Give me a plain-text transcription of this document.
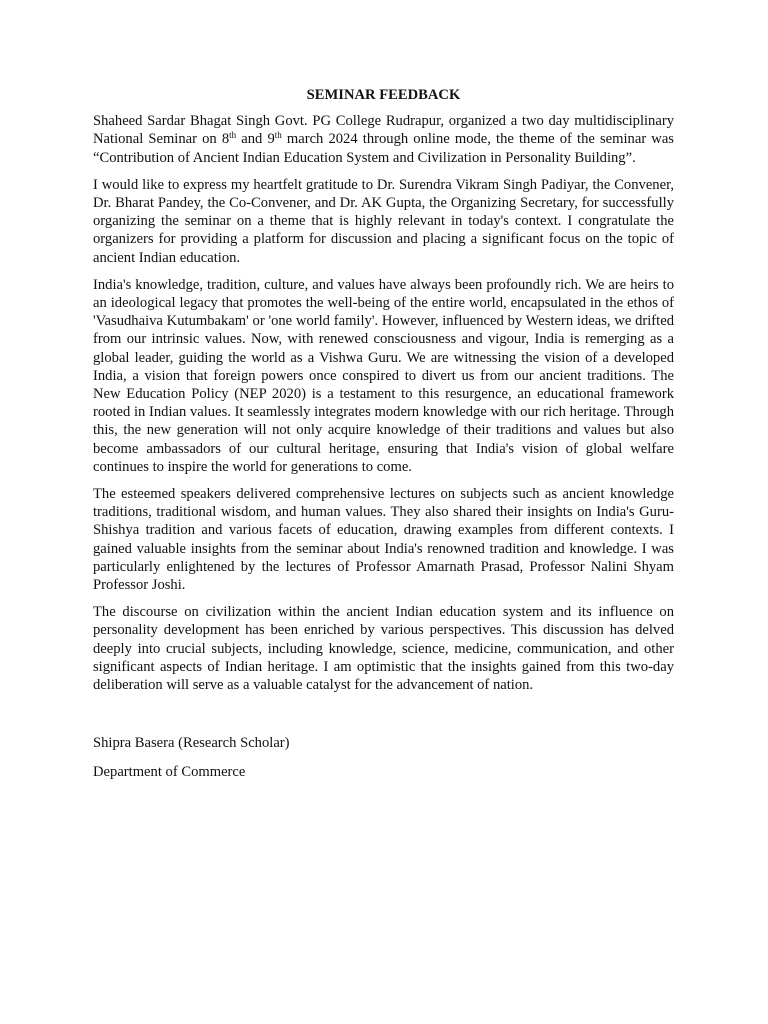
SEMINAR FEEDBACK

Shaheed Sardar Bhagat Singh Govt. PG College Rudrapur, organized a two day multidisciplinary National Seminar on 8th and 9th march 2024 through online mode, the theme of the seminar was “Contribution of Ancient Indian Education System and Civilization in Personality Building”.

I would like to express my heartfelt gratitude to Dr. Surendra Vikram Singh Padiyar, the Convener, Dr. Bharat Pandey, the Co-Convener, and Dr. AK Gupta, the Organizing Secretary, for successfully organizing the seminar on a theme that is highly relevant in today's context. I congratulate the organizers for providing a platform for discussion and placing a significant focus on the topic of ancient Indian education.

India's knowledge, tradition, culture, and values have always been profoundly rich. We are heirs to an ideological legacy that promotes the well-being of the entire world, encapsulated in the ethos of 'Vasudhaiva Kutumbakam' or 'one world family'. However, influenced by Western ideas, we drifted from our intrinsic values. Now, with renewed consciousness and vigour, India is remerging as a global leader, guiding the world as a Vishwa Guru. We are witnessing the vision of a developed India, a vision that foreign powers once conspired to divert us from our ancient traditions. The New Education Policy (NEP 2020) is a testament to this resurgence, an educational framework rooted in Indian values. It seamlessly integrates modern knowledge with our rich heritage. Through this, the new generation will not only acquire knowledge of their traditions and values but also become ambassadors of our cultural heritage, ensuring that India's vision of global welfare continues to inspire the world for generations to come.

The esteemed speakers delivered comprehensive lectures on subjects such as ancient knowledge traditions, traditional wisdom, and human values. They also shared their insights on India's Guru-Shishya tradition and various facets of education, drawing examples from different contexts. I gained valuable insights from the seminar about India's renowned tradition and knowledge. I was particularly enlightened by the lectures of Professor Amarnath Prasad, Professor Nalini Shyam Professor Joshi.

The discourse on civilization within the ancient Indian education system and its influence on personality development has been enriched by various perspectives. This discussion has delved deeply into crucial subjects, including knowledge, science, medicine, communication, and other significant aspects of Indian heritage. I am optimistic that the insights gained from this two-day deliberation will serve as a valuable catalyst for the advancement of nation.

Shipra Basera (Research Scholar)

Department of Commerce
